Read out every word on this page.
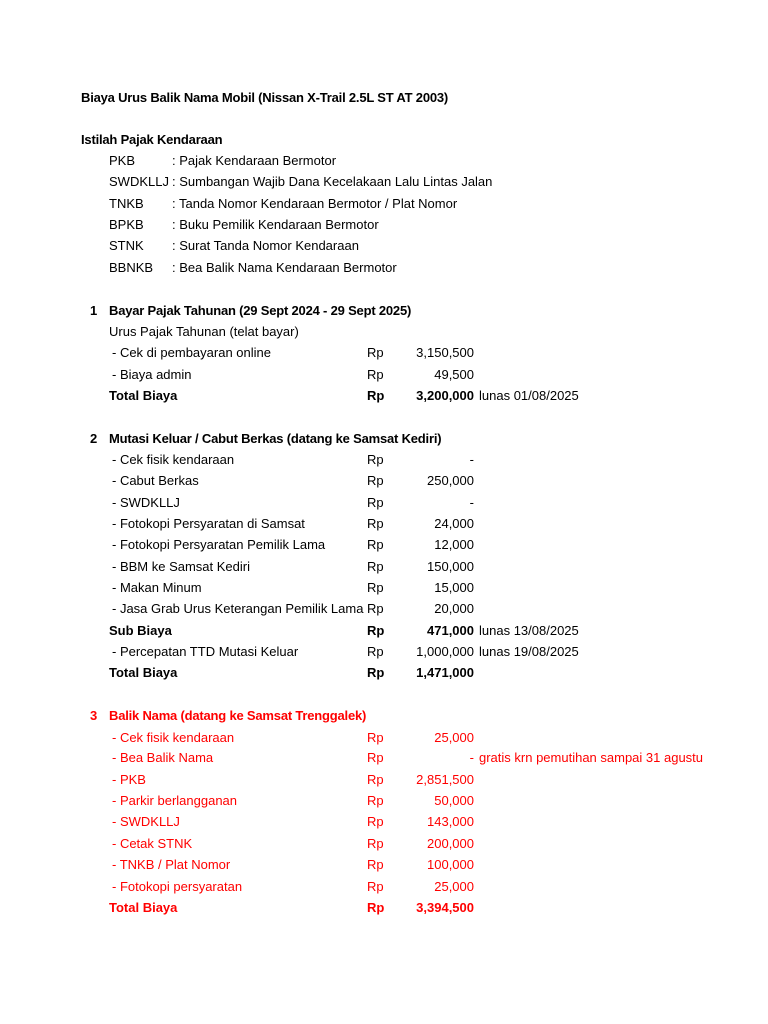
Biaya Urus Balik Nama Mobil (Nissan X-Trail 2.5L ST AT 2003)
Istilah Pajak Kendaraan
PKB	: Pajak Kendaraan Bermotor
SWDKLLJ : Sumbangan Wajib Dana Kecelakaan Lalu Lintas Jalan
TNKB : Tanda Nomor Kendaraan Bermotor / Plat Nomor
BPKB : Buku Pemilik Kendaraan Bermotor
STNK : Surat Tanda Nomor Kendaraan
BBNKB : Bea Balik Nama Kendaraan Bermotor
1 Bayar Pajak Tahunan (29 Sept 2024 - 29 Sept 2025)
Urus Pajak Tahunan (telat bayar)
- Cek di pembayaran online	Rp	3,150,500
- Biaya admin	Rp	49,500
Total Biaya	Rp	3,200,000 lunas 01/08/2025
2 Mutasi Keluar / Cabut Berkas (datang ke Samsat Kediri)
- Cek fisik kendaraan	Rp	-
- Cabut Berkas	Rp	250,000
- SWDKLLJ	Rp	-
- Fotokopi Persyaratan di Samsat	Rp	24,000
- Fotokopi Persyaratan Pemilik Lama	Rp	12,000
- BBM ke Samsat Kediri	Rp	150,000
- Makan Minum	Rp	15,000
- Jasa Grab Urus Keterangan Pemilik Lama Rp	20,000
Sub Biaya	Rp	471,000 lunas 13/08/2025
- Percepatan TTD Mutasi Keluar	Rp	1,000,000 lunas 19/08/2025
Total Biaya	Rp	1,471,000
3 Balik Nama (datang ke Samsat Trenggalek)
- Cek fisik kendaraan	Rp	25,000
- Bea Balik Nama	Rp	- gratis krn pemutihan sampai 31 agustu
- PKB	Rp	2,851,500
- Parkir berlangganan	Rp	50,000
- SWDKLLJ	Rp	143,000
- Cetak STNK	Rp	200,000
- TNKB / Plat Nomor	Rp	100,000
- Fotokopi persyaratan	Rp	25,000
Total Biaya	Rp	3,394,500
